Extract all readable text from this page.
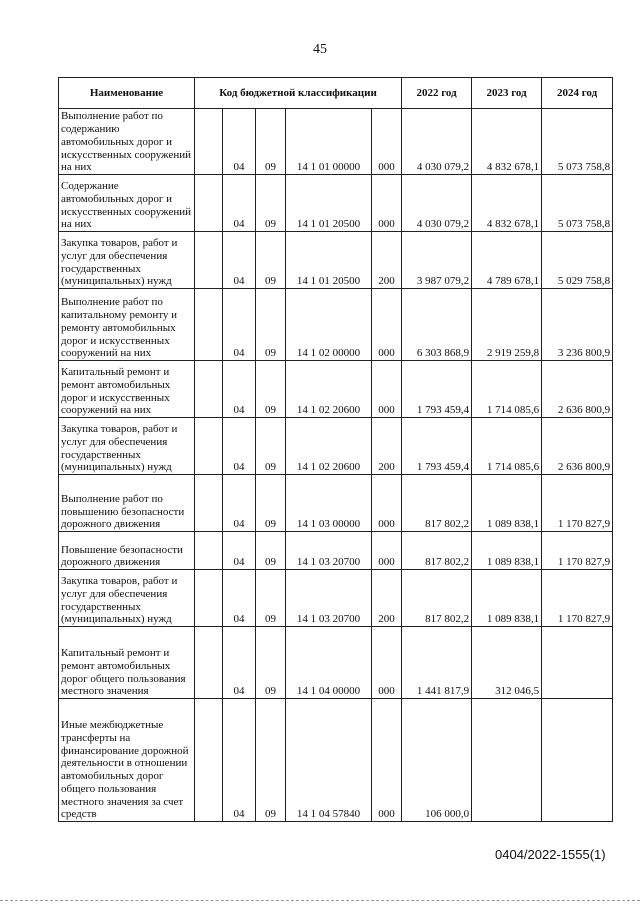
45
Наименование	Код бюджетной классификации					2022 год	2023 год	2024 год
Выполнение работ по содержанию автомобильных дорог и искусственных сооружений на них		04	09	14 1 01 00000	000	4 030 079,2	4 832 678,1	5 073 758,8
Содержание автомобильных дорог и искусственных сооружений на них		04	09	14 1 01 20500	000	4 030 079,2	4 832 678,1	5 073 758,8
Закупка товаров, работ и услуг для обеспечения государственных (муниципальных) нужд		04	09	14 1 01 20500	200	3 987 079,2	4 789 678,1	5 029 758,8
Выполнение работ по капитальному ремонту и ремонту автомобильных дорог и искусственных сооружений на них		04	09	14 1 02 00000	000	6 303 868,9	2 919 259,8	3 236 800,9
Капитальный ремонт и ремонт автомобильных дорог и искусственных сооружений на них		04	09	14 1 02 20600	000	1 793 459,4	1 714 085,6	2 636 800,9
Закупка товаров, работ и услуг для обеспечения государственных (муниципальных) нужд		04	09	14 1 02 20600	200	1 793 459,4	1 714 085,6	2 636 800,9
Выполнение работ по повышению безопасности дорожного движения		04	09	14 1 03 00000	000	817 802,2	1 089 838,1	1 170 827,9
Повышение безопасности дорожного движения		04	09	14 1 03 20700	000	817 802,2	1 089 838,1	1 170 827,9
Закупка товаров, работ и услуг для обеспечения государственных (муниципальных) нужд		04	09	14 1 03 20700	200	817 802,2	1 089 838,1	1 170 827,9
Капитальный ремонт и ремонт автомобильных дорог общего пользования местного значения		04	09	14 1 04 00000	000	1 441 817,9	312 046,5	
Иные межбюджетные трансферты на финансирование дорожной деятельности в отношении автомобильных дорог общего пользования местного значения за счет средств		04	09	14 1 04 57840	000	106 000,0		
0404/2022-1555(1)
